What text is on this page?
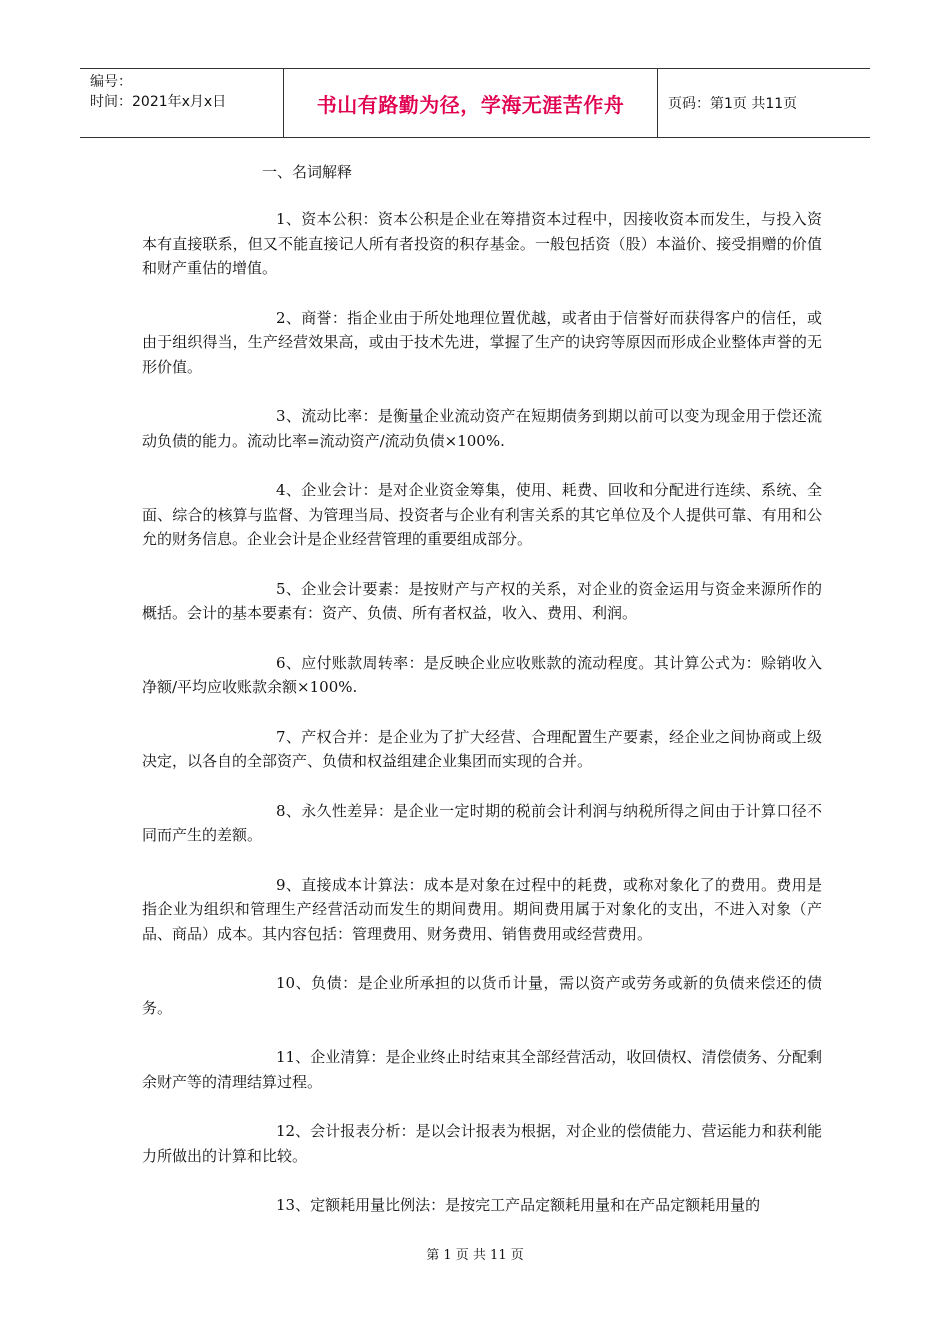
编号：
时间：2021年x月x日	书山有路勤为径，学海无涯苦作舟	页码：第1页 共11页
一、名词解释

1、资本公积：资本公积是企业在筹措资本过程中，因接收资本而发生，与投入资本有直接联系，但又不能直接记人所有者投资的积存基金。一般包括资（股）本溢价、接受捐赠的价值和财产重估的增值。

2、商誉：指企业由于所处地理位置优越，或者由于信誉好而获得客户的信任，或由于组织得当，生产经营效果高，或由于技术先进，掌握了生产的诀窍等原因而形成企业整体声誉的无形价值。

3、流动比率：是衡量企业流动资产在短期债务到期以前可以变为现金用于偿还流动负债的能力。流动比率=流动资产/流动负债×100%.

4、企业会计：是对企业资金筹集，使用、耗费、回收和分配进行连续、系统、全面、综合的核算与监督、为管理当局、投资者与企业有利害关系的其它单位及个人提供可靠、有用和公允的财务信息。企业会计是企业经营管理的重要组成部分。

5、企业会计要素：是按财产与产权的关系，对企业的资金运用与资金来源所作的概括。会计的基本要素有：资产、负债、所有者权益，收入、费用、利润。

6、应付账款周转率：是反映企业应收账款的流动程度。其计算公式为：赊销收入净额/平均应收账款余额×100%.

7、产权合并：是企业为了扩大经营、合理配置生产要素，经企业之间协商或上级决定，以各自的全部资产、负债和权益组建企业集团而实现的合并。

8、永久性差异：是企业一定时期的税前会计利润与纳税所得之间由于计算口径不同而产生的差额。

9、直接成本计算法：成本是对象在过程中的耗费，或称对象化了的费用。费用是指企业为组织和管理生产经营活动而发生的期间费用。期间费用属于对象化的支出，不进入对象（产品、商品）成本。其内容包括：管理费用、财务费用、销售费用或经营费用。

10、负债：是企业所承担的以货币计量，需以资产或劳务或新的负债来偿还的债务。

11、企业清算：是企业终止时结束其全部经营活动，收回债权、清偿债务、分配剩余财产等的清理结算过程。

12、会计报表分析：是以会计报表为根据，对企业的偿债能力、营运能力和获利能力所做出的计算和比较。

13、定额耗用量比例法：是按完工产品定额耗用量和在产品定额耗用量的

第 1 页 共 11 页
